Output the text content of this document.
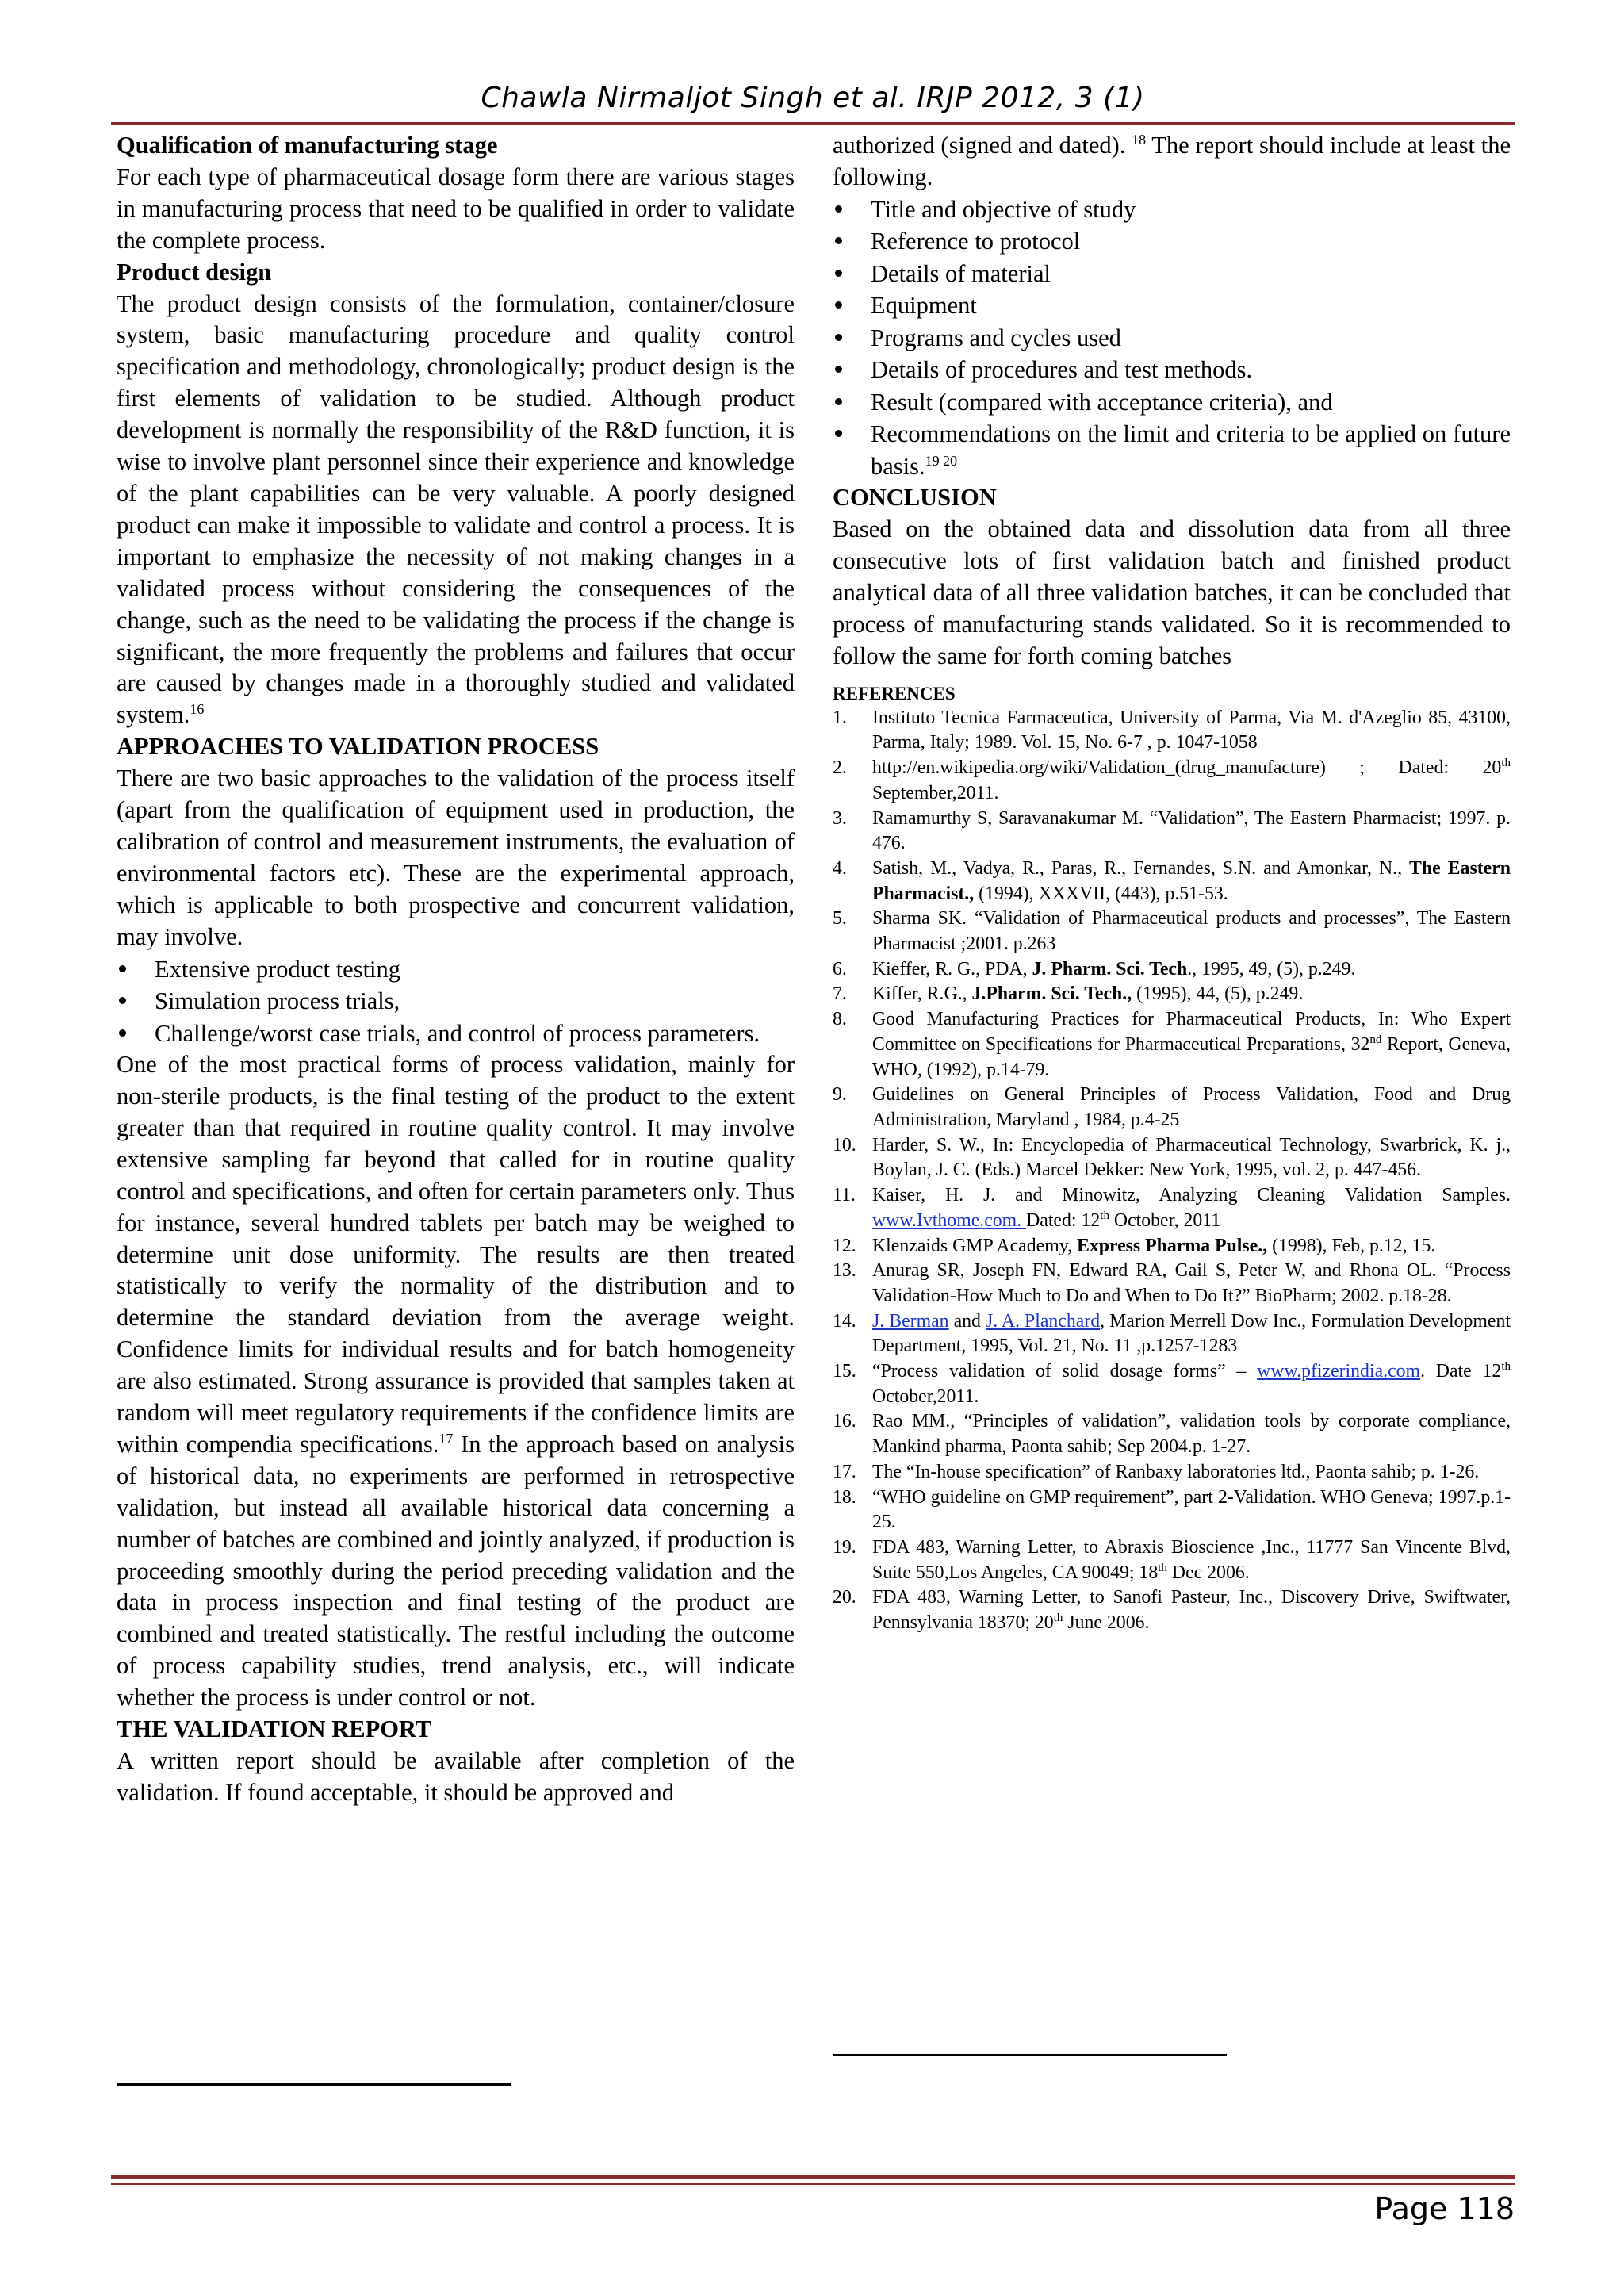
Chawla Nirmaljot Singh et al. IRJP 2012, 3 (1)

Qualification of manufacturing stage

For each type of pharmaceutical dosage form there are various stages in manufacturing process that need to be qualified in order to validate the complete process.

Product design

The product design consists of the formulation, container/closure system, basic manufacturing procedure and quality control specification and methodology, chronologically; product design is the first elements of validation to be studied. Although product development is normally the responsibility of the R&D function, it is wise to involve plant personnel since their experience and knowledge of the plant capabilities can be very valuable. A poorly designed product can make it impossible to validate and control a process. It is important to emphasize the necessity of not making changes in a validated process without considering the consequences of the change, such as the need to be validating the process if the change is significant, the more frequently the problems and failures that occur are caused by changes made in a thoroughly studied and validated system.$^{16}$

APPROACHES TO VALIDATION PROCESS

There are two basic approaches to the validation of the process itself (apart from the qualification of equipment used in production, the calibration of control and measurement instruments, the evaluation of environmental factors etc). These are the experimental approach, which is applicable to both prospective and concurrent validation, may involve.

Extensive product testing
Simulation process trials,
Challenge/worst case trials, and control of process parameters.

One of the most practical forms of process validation, mainly for non-sterile products, is the final testing of the product to the extent greater than that required in routine quality control. It may involve extensive sampling far beyond that called for in routine quality control and specifications, and often for certain parameters only. Thus for instance, several hundred tablets per batch may be weighed to determine unit dose uniformity. The results are then treated statistically to verify the normality of the distribution and to determine the standard deviation from the average weight. Confidence limits for individual results and for batch homogeneity are also estimated. Strong assurance is provided that samples taken at random will meet regulatory requirements if the confidence limits are within compendia specifications.$^{17}$ In the approach based on analysis of historical data, no experiments are performed in retrospective validation, but instead all available historical data concerning a number of batches are combined and jointly analyzed, if production is proceeding smoothly during the period preceding validation and the data in process inspection and final testing of the product are combined and treated statistically. The restful including the outcome of process capability studies, trend analysis, etc., will indicate whether the process is under control or not.

THE VALIDATION REPORT

A written report should be available after completion of the validation. If found acceptable, it should be approved and

authorized (signed and dated). $^{18}$ The report should include at least the following.

Title and objective of study
Reference to protocol
Details of material
Equipment
Programs and cycles used
Details of procedures and test methods.
Result (compared with acceptance criteria), and
Recommendations on the limit and criteria to be applied on future basis.$^{19 20}$

CONCLUSION

Based on the obtained data and dissolution data from all three consecutive lots of first validation batch and finished product analytical data of all three validation batches, it can be concluded that process of manufacturing stands validated. So it is recommended to follow the same for forth coming batches

REFERENCES

1. Instituto Tecnica Farmaceutica, University of Parma, Via M. d'Azeglio 85, 43100, Parma, Italy; 1989. Vol. 15, No. 6-7 , p. 1047-1058
2. http://en.wikipedia.org/wiki/Validation_(drug_manufacture) ; Dated: 20th September,2011.
3. Ramamurthy S, Saravanakumar M. “Validation”, The Eastern Pharmacist; 1997. p. 476.
4. Satish, M., Vadya, R., Paras, R., Fernandes, S.N. and Amonkar, N., The Eastern Pharmacist., (1994), XXXVII, (443), p.51-53.
5. Sharma SK. “Validation of Pharmaceutical products and processes”, The Eastern Pharmacist ;2001. p.263
6. Kieffer, R. G., PDA, J. Pharm. Sci. Tech., 1995, 49, (5), p.249.
7. Kiffer, R.G., J.Pharm. Sci. Tech., (1995), 44, (5), p.249.
8. Good Manufacturing Practices for Pharmaceutical Products, In: Who Expert Committee on Specifications for Pharmaceutical Preparations, 32nd Report, Geneva, WHO, (1992), p.14-79.
9. Guidelines on General Principles of Process Validation, Food and Drug Administration, Maryland , 1984, p.4-25
10. Harder, S. W., In: Encyclopedia of Pharmaceutical Technology, Swarbrick, K. j., Boylan, J. C. (Eds.) Marcel Dekker: New York, 1995, vol. 2, p. 447-456.
11. Kaiser, H. J. and Minowitz, Analyzing Cleaning Validation Samples. www.Ivthome.com. Dated: 12th October, 2011
12. Klenzaids GMP Academy, Express Pharma Pulse., (1998), Feb, p.12, 15.
13. Anurag SR, Joseph FN, Edward RA, Gail S, Peter W, and Rhona OL. “Process Validation-How Much to Do and When to Do It?” BioPharm; 2002. p.18-28.
14. J. Berman and J. A. Planchard, Marion Merrell Dow Inc., Formulation Development Department, 1995, Vol. 21, No. 11 ,p.1257-1283
15. “Process validation of solid dosage forms” – www.pfizerindia.com. Date 12th October,2011.
16. Rao MM., “Principles of validation”, validation tools by corporate compliance, Mankind pharma, Paonta sahib; Sep 2004.p. 1-27.
17. The “In-house specification” of Ranbaxy laboratories ltd., Paonta sahib; p. 1-26.
18. “WHO guideline on GMP requirement”, part 2-Validation. WHO Geneva; 1997.p.1-25.
19. FDA 483, Warning Letter, to Abraxis Bioscience ,Inc., 11777 San Vincente Blvd, Suite 550,Los Angeles, CA 90049; 18th Dec 2006.
20. FDA 483, Warning Letter, to Sanofi Pasteur, Inc., Discovery Drive, Swiftwater, Pennsylvania 18370; 20th June 2006.
Page 118
